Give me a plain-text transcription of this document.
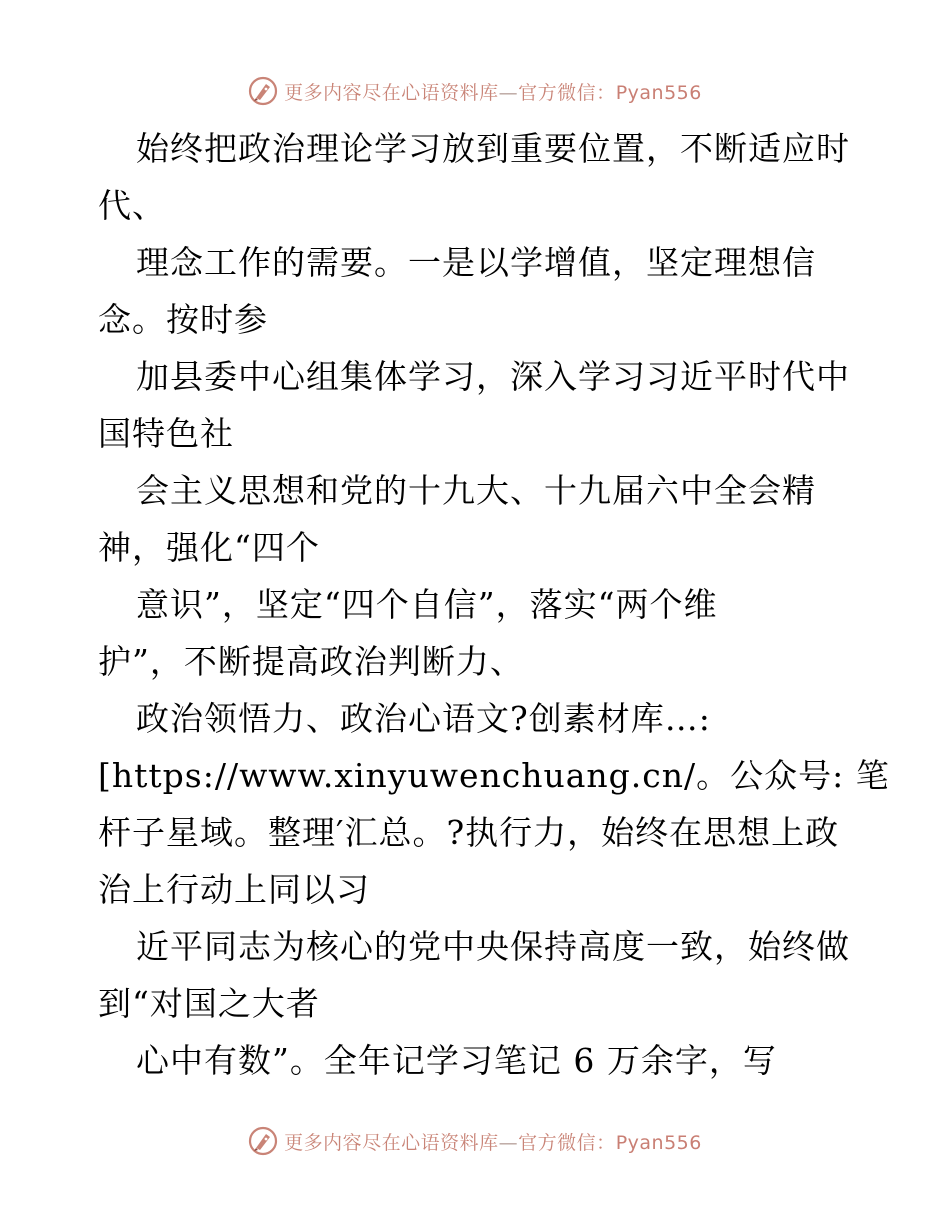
更多内容尽在心语资料库—官方微信：Pyan556
始终把政治理论学习放到重要位置，不断适应时
代、
理念工作的需要。一是以学增值，坚定理想信
念。按时参
加县委中心组集体学习，深入学习习近平时代中
国特色社
会主义思想和党的十九大、十九届六中全会精
神，强化“四个
意识”，坚定“四个自信”，落实“两个维
护”，不断提高政治判断力、
政治领悟力、政治心语文?创素材库…:
[https://www.xinyuwenchuang.cn/。公众号: 笔
杆子星域。整理′汇总。?执行力，始终在思想上政
治上行动上同以习
近平同志为核心的党中央保持高度一致，始终做
到“对国之大者
心中有数”。全年记学习笔记 6 万余字，写
更多内容尽在心语资料库—官方微信：Pyan556
